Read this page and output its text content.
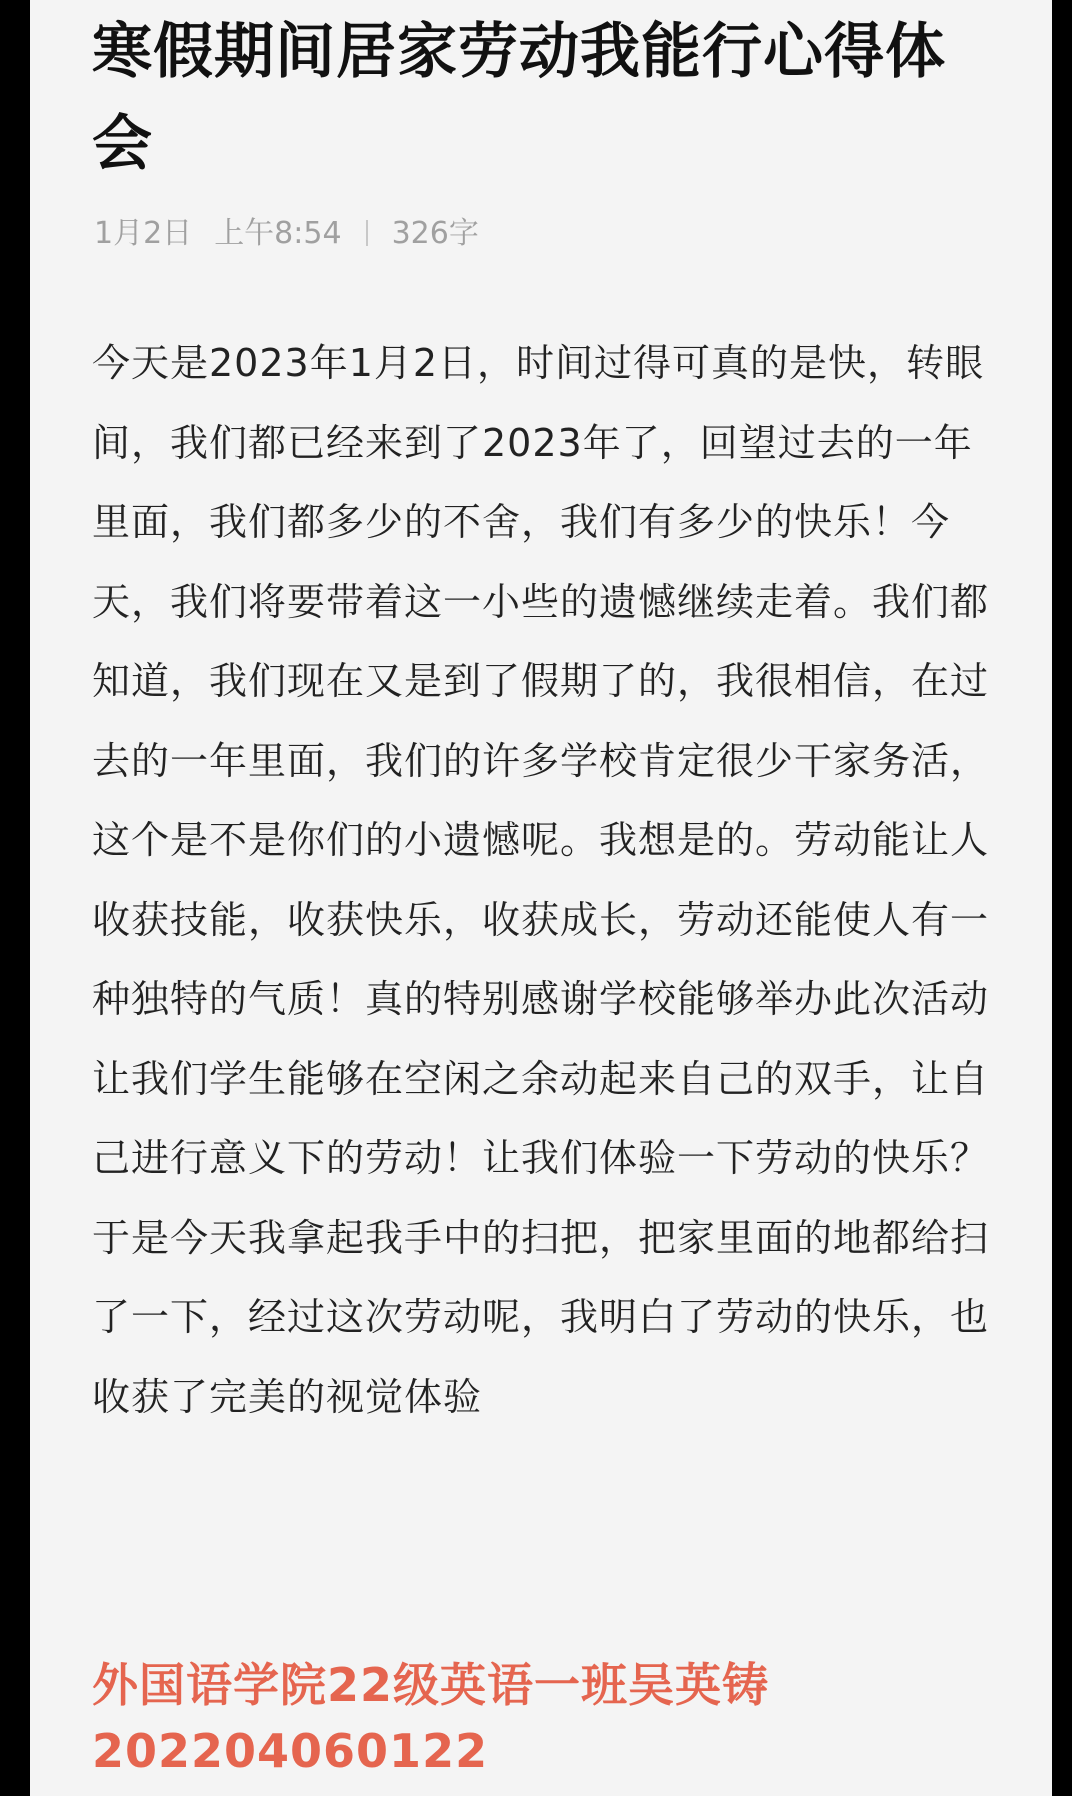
寒假期间居家劳动我能行心得体会
1月2日 上午8:54 326字

今天是2023年1月2日，时间过得可真的是快，转眼间，我们都已经来到了2023年了，回望过去的一年里面，我们都多少的不舍，我们有多少的快乐！今天，我们将要带着这一小些的遗憾继续走着。我们都知道，我们现在又是到了假期了的，我很相信，在过去的一年里面，我们的许多学校肯定很少干家务活，这个是不是你们的小遗憾呢。我想是的。劳动能让人收获技能，收获快乐，收获成长，劳动还能使人有一种独特的气质！真的特别感谢学校能够举办此次活动让我们学生能够在空闲之余动起来自己的双手，让自己进行意义下的劳动！让我们体验一下劳动的快乐？于是今天我拿起我手中的扫把，把家里面的地都给扫了一下，经过这次劳动呢，我明白了劳动的快乐，也收获了完美的视觉体验

外国语学院22级英语一班吴英铸202204060122
